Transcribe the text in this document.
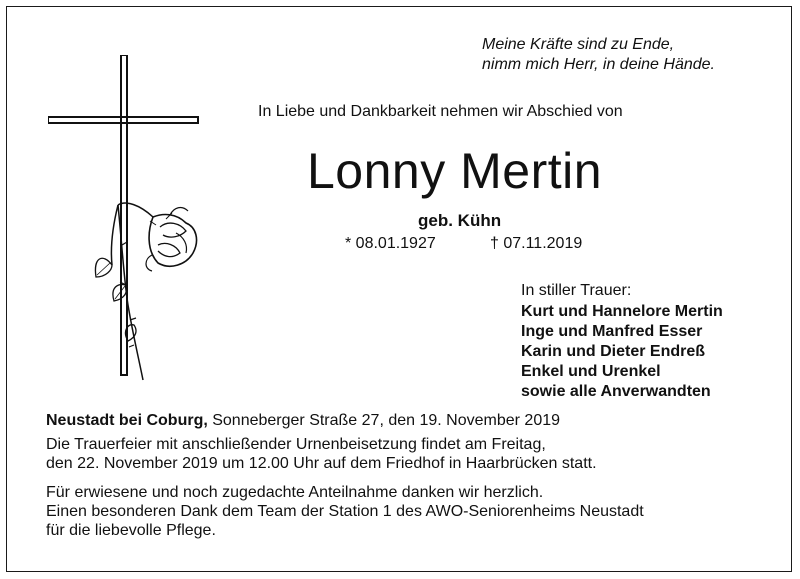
Meine Kräfte sind zu Ende,
nimm mich Herr, in deine Hände.
In Liebe und Dankbarkeit nehmen wir Abschied von
Lonny Mertin
geb. Kühn
* 08.01.1927	† 07.11.2019
In stiller Trauer:
Kurt und Hannelore Mertin
Inge und Manfred Esser
Karin und Dieter Endreß
Enkel und Urenkel
sowie alle Anverwandten
Neustadt bei Coburg, Sonneberger Straße 27, den 19. November 2019
Die Trauerfeier mit anschließender Urnenbeisetzung findet am Freitag,
den 22. November 2019 um 12.00 Uhr auf dem Friedhof in Haarbrücken statt.
Für erwiesene und noch zugedachte Anteilnahme danken wir herzlich.
Einen besonderen Dank dem Team der Station 1 des AWO-Seniorenheims Neustadt
für die liebevolle Pflege.
